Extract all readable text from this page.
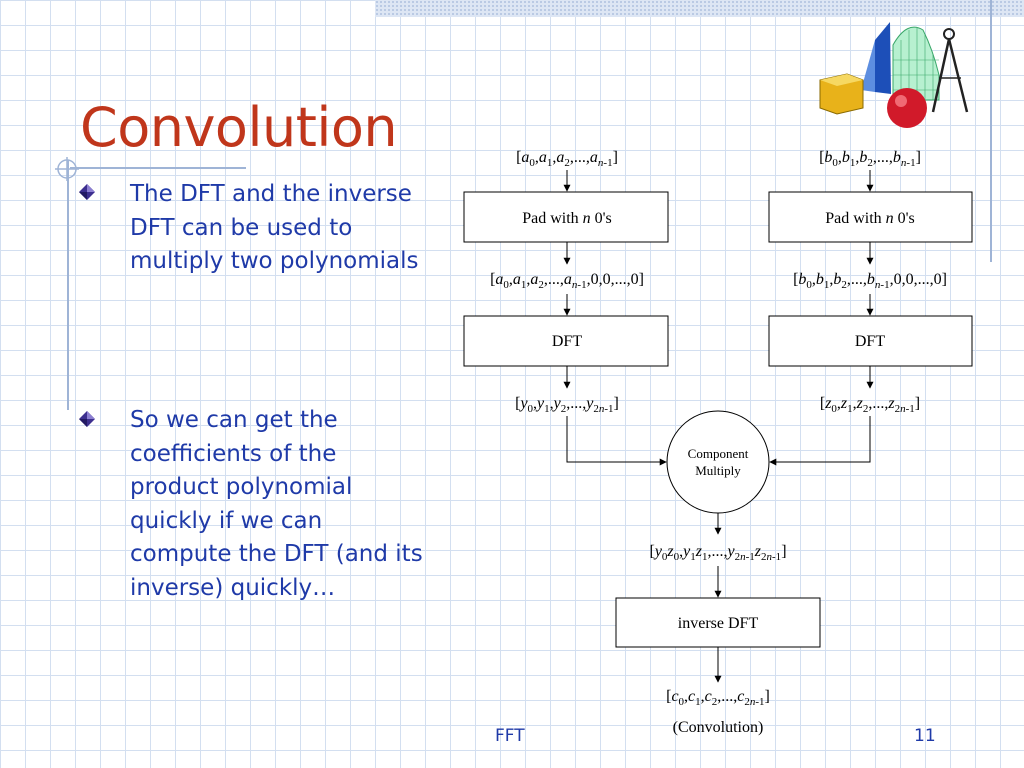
Convolution

The DFT and the inverse DFT can be used to multiply two polynomials

So we can get the coefficients of the product polynomial quickly if we can compute the DFT (and its inverse) quickly…

$[a_0,a_1,a_2,...,a_n-1]$	$[b_0,b_1,b_2,...,b_n-1]$
Pad with n 0's	Pad with n 0's
$[a_0,a_1,a_2,...,a_n-1,0,0,...,0]$	$[b_0,b_1,b_2,...,b_n-1,0,0,...,0]$
DFT	DFT
$[y_0,y_1,y_2,...,y_2n-1]$	$[z_0,z_1,z_2,...,z_2n-1]$
Component
Multiply
$[y_0z_0,y_1z_1,...,y_2n-1z_2n-1]$
inverse DFT
$[c_0,c_1,c_2,...,c_2n-1]$
(Convolution)
FFT	11
